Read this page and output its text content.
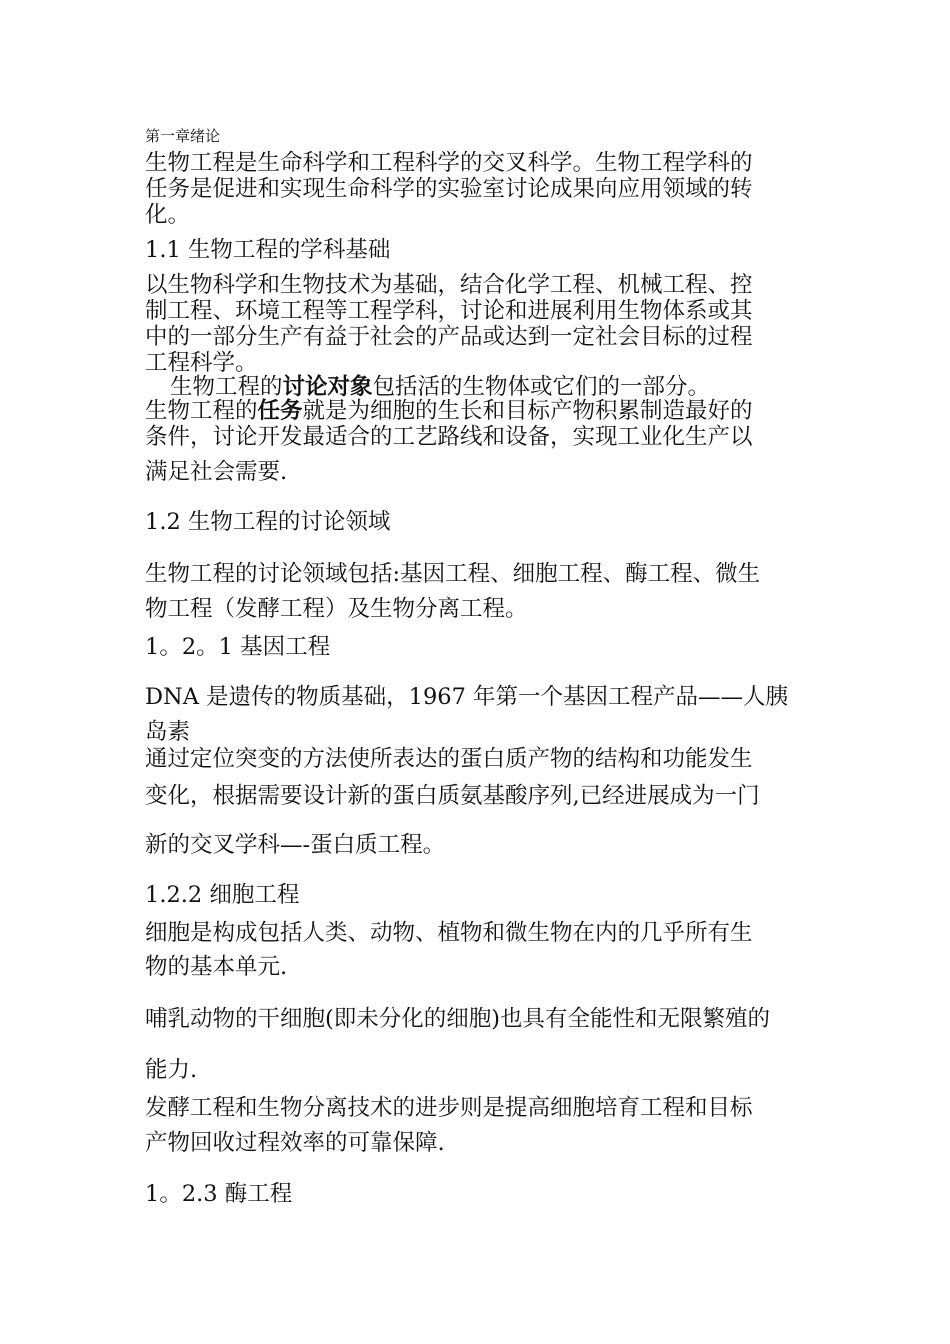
第一章绪论
生物工程是生命科学和工程科学的交叉科学。生物工程学科的
任务是促进和实现生命科学的实验室讨论成果向应用领域的转
化。
1.1 生物工程的学科基础
以生物科学和生物技术为基础，结合化学工程、机械工程、控
制工程、环境工程等工程学科，讨论和进展利用生物体系或其
中的一部分生产有益于社会的产品或达到一定社会目标的过程
工程科学。
生物工程的讨论对象包括活的生物体或它们的一部分。
生物工程的任务就是为细胞的生长和目标产物积累制造最好的
条件，讨论开发最适合的工艺路线和设备，实现工业化生产以
满足社会需要.
1.2 生物工程的讨论领域
生物工程的讨论领域包括:基因工程、细胞工程、酶工程、微生
物工程（发酵工程）及生物分离工程。
1。2。1 基因工程
DNA 是遗传的物质基础，1967 年第一个基因工程产品——人胰
岛素
通过定位突变的方法使所表达的蛋白质产物的结构和功能发生
变化，根据需要设计新的蛋白质氨基酸序列,已经进展成为一门
新的交叉学科—-蛋白质工程。
1.2.2 细胞工程
细胞是构成包括人类、动物、植物和微生物在内的几乎所有生
物的基本单元.
哺乳动物的干细胞(即未分化的细胞)也具有全能性和无限繁殖的
能力.
发酵工程和生物分离技术的进步则是提高细胞培育工程和目标
产物回收过程效率的可靠保障.
1。2.3 酶工程
